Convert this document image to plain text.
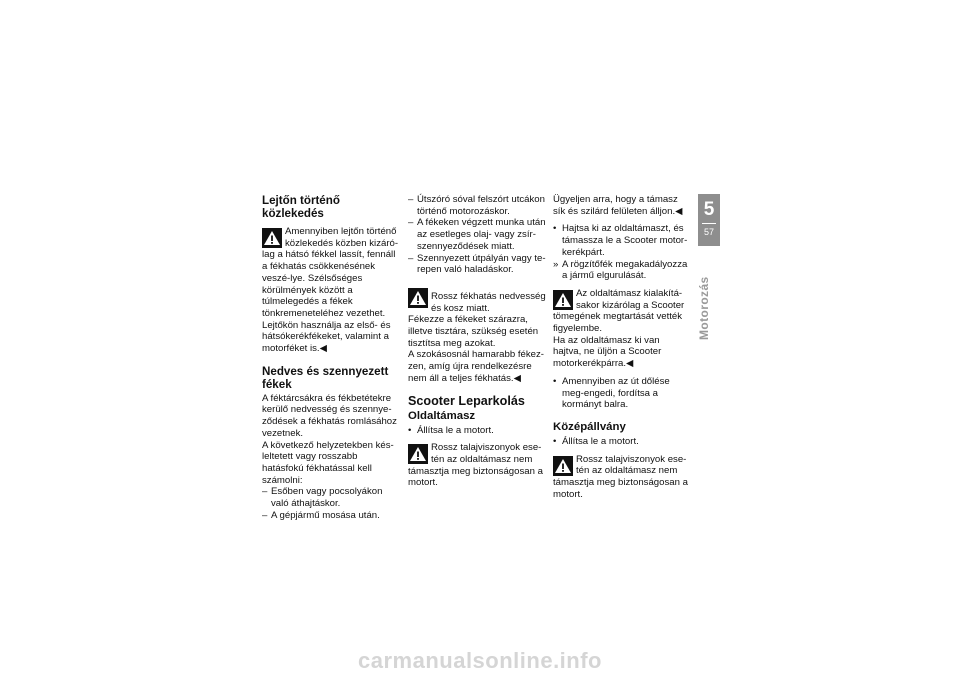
Lejtőn történő közlekedés

Amennyiben lejtőn történő közlekedés közben kizáró-lag a hátsó fékkel lassít, fennáll a fékhatás csökkenésének veszé-lye. Szélsőséges körülmények között a túlmelegedés a fékek tönkremeneteléhez vezethet. Lejtőkön használja az első- és hátsókerékfékeket, valamint a motorféket is.◀

Nedves és szennyezett fékek

A féktárcsákra és fékbetétekre kerülő nedvesség és szennye-ződések a fékhatás romlásához vezetnek.

A következő helyzetekben kés-leltetett vagy rosszabb hatásfokú fékhatással kell számolni:

– Esőben vagy pocsolyákon való áthajtáskor.
– A gépjármű mosása után.
– Útszóró sóval felszórt utcákon történő motorozáskor.
– A fékeken végzett munka után az esetleges olaj- vagy zsír-szennyeződések miatt.
– Szennyezett útpályán vagy te-repen való haladáskor.

Rossz fékhatás nedvesség és kosz miatt.

Fékezze a fékeket szárazra, illetve tisztára, szükség esetén tisztítsa meg azokat.

A szokásosnál hamarabb fékez-zen, amíg újra rendelkezésre nem áll a teljes fékhatás.◀

Scooter Leparkolás
Oldaltámasz
• Állítsa le a motort.

Rossz talajviszonyok ese-tén az oldaltámasz nem támasztja meg biztonságosan a motort.

Ügyeljen arra, hogy a támasz sík és szilárd felületen álljon.◀

• Hajtsa ki az oldaltámaszt, és támassza le a Scooter motor-kerékpárt.
» A rögzítőfék megakadályozza a jármű elgurulását.

Az oldaltámasz kialakítá-sakor kizárólag a Scooter tömegének megtartását vették figyelembe.

Ha az oldaltámasz ki van hajtva, ne üljön a Scooter motorkerékpárra.◀

• Amennyiben az út dőlése meg-engedi, fordítsa a kormányt balra.
Középállvány
• Állítsa le a motort.

Rossz talajviszonyok ese-tén az oldaltámasz nem támasztja meg biztonságosan a motort.

5
57
Motorozás
carmanualsonline.info
